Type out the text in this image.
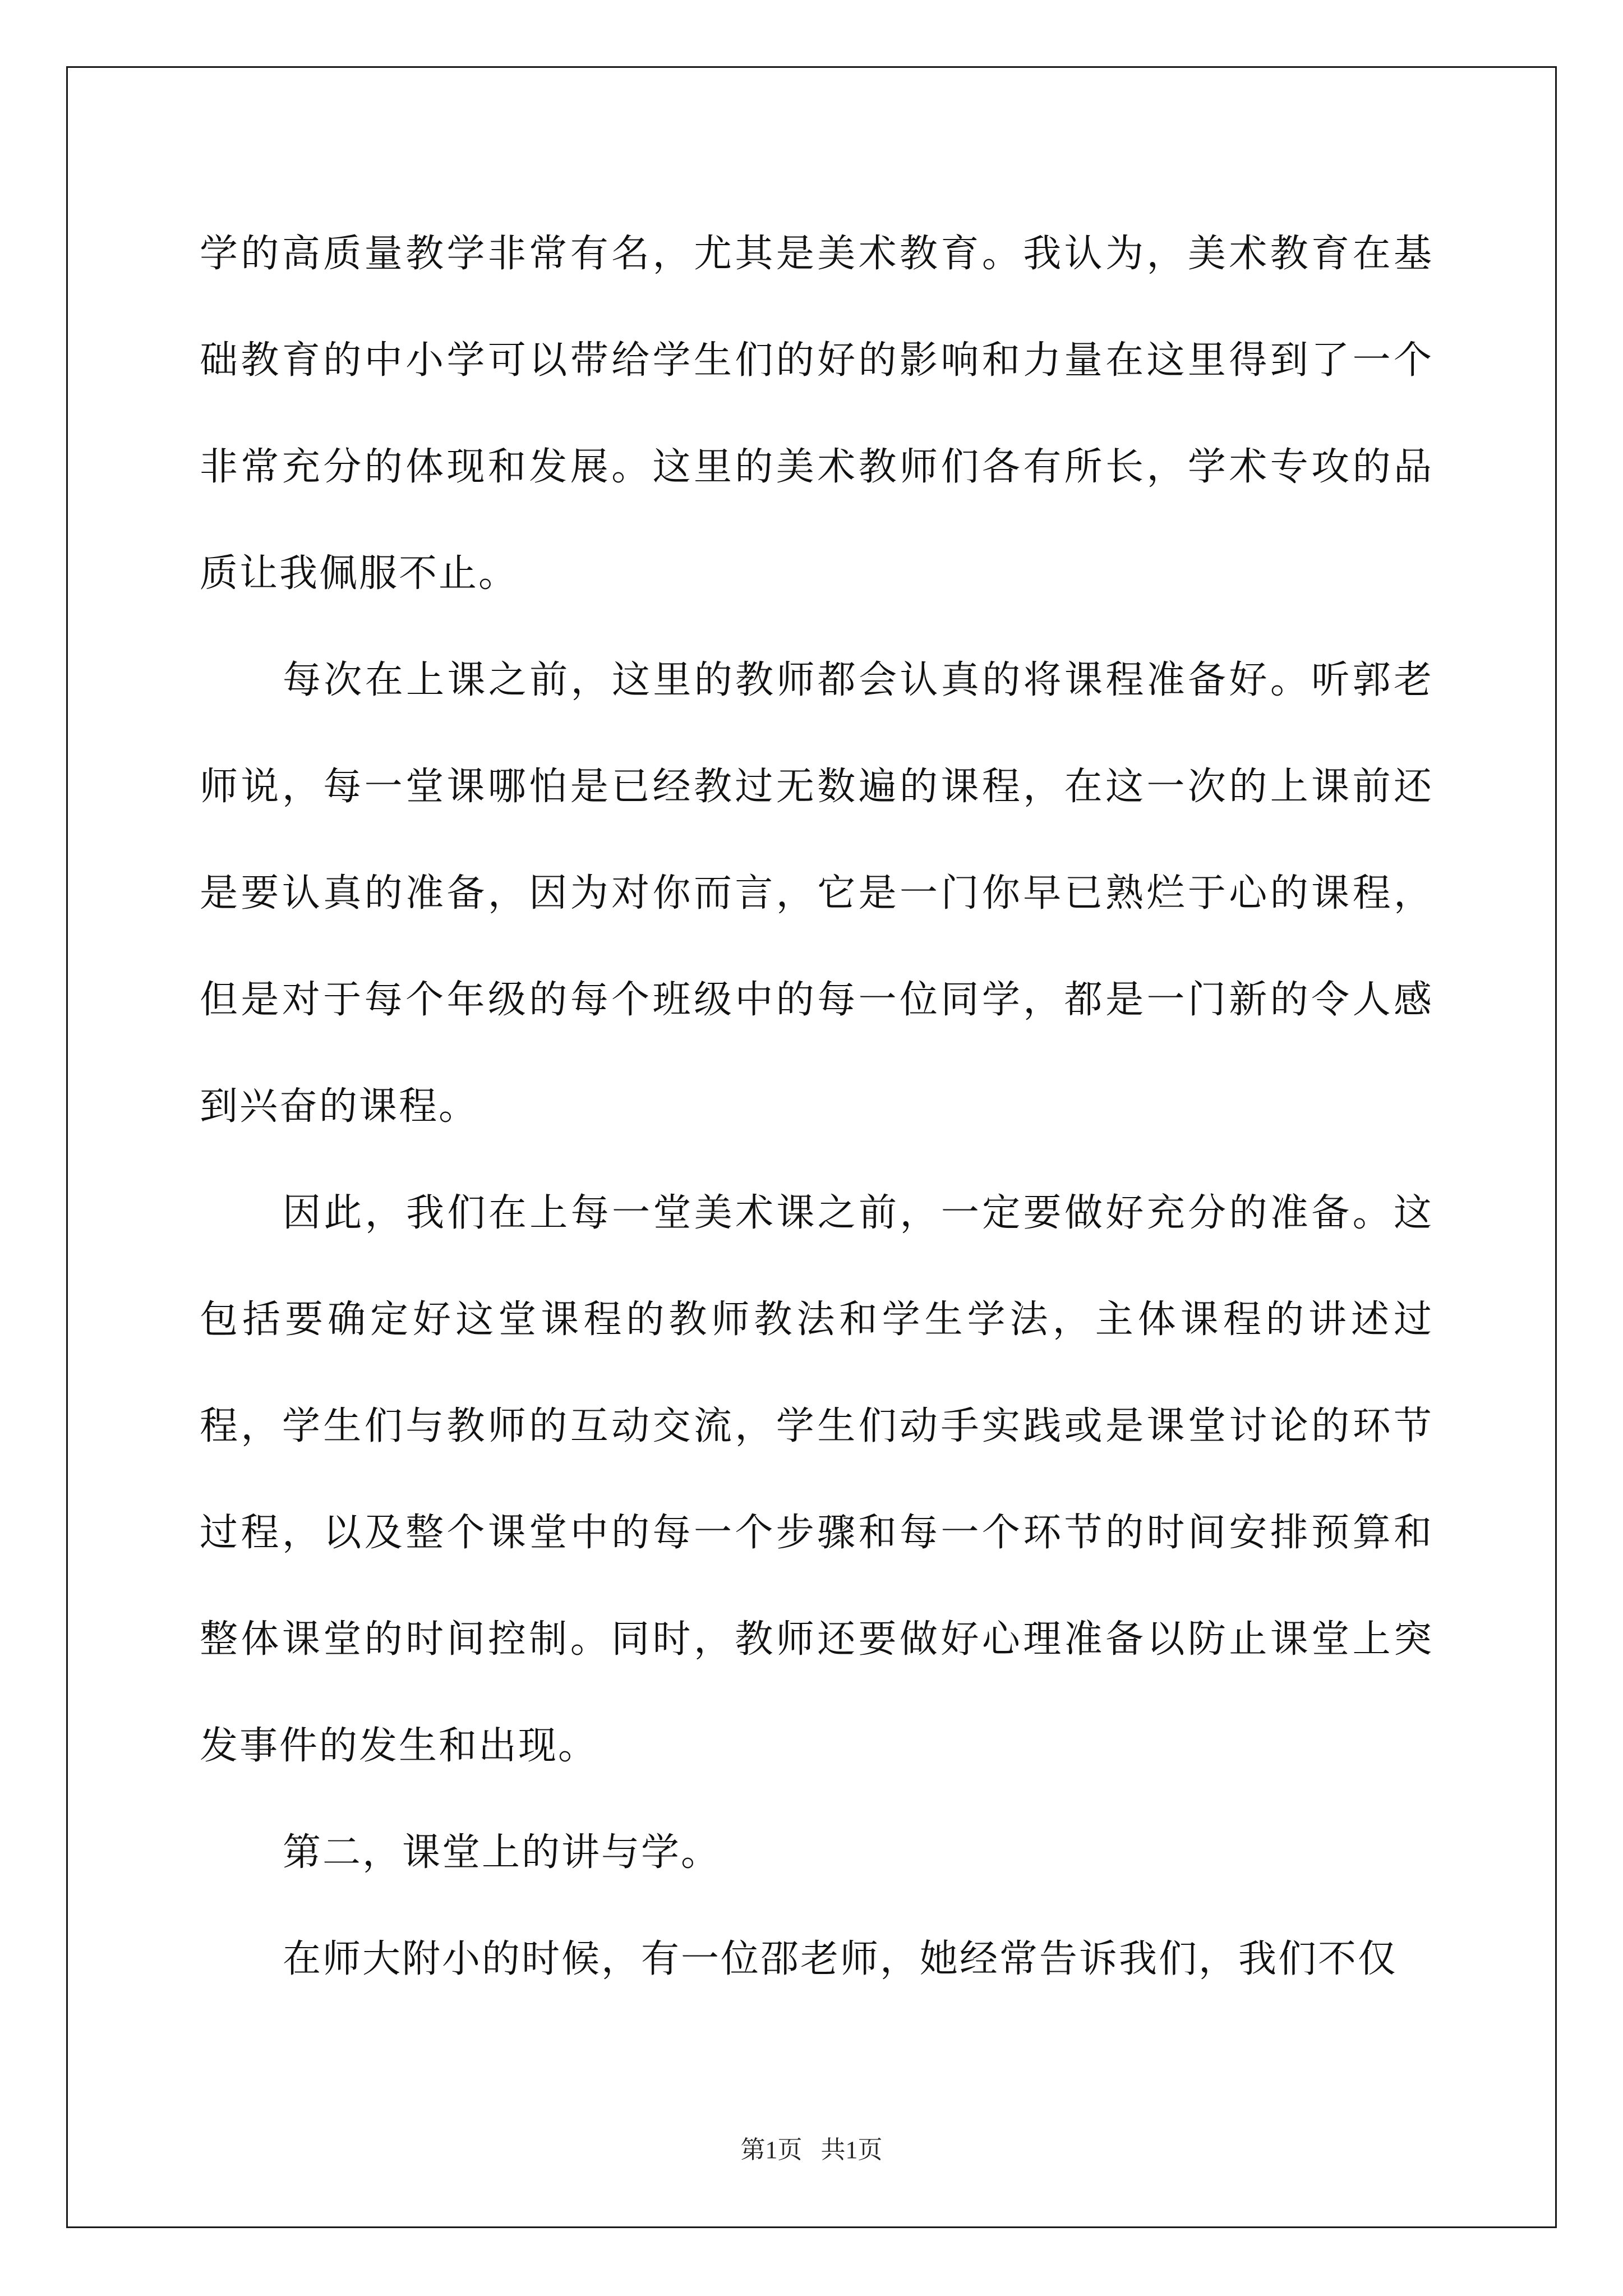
学的高质量教学非常有名，尤其是美术教育。我认为，美术教育在基础教育的中小学可以带给学生们的好的影响和力量在这里得到了一个非常充分的体现和发展。这里的美术教师们各有所长，学术专攻的品质让我佩服不止。

每次在上课之前，这里的教师都会认真的将课程准备好。听郭老师说，每一堂课哪怕是已经教过无数遍的课程，在这一次的上课前还是要认真的准备，因为对你而言，它是一门你早已熟烂于心的课程，但是对于每个年级的每个班级中的每一位同学，都是一门新的令人感到兴奋的课程。

因此，我们在上每一堂美术课之前，一定要做好充分的准备。这包括要确定好这堂课程的教师教法和学生学法，主体课程的讲述过程，学生们与教师的互动交流，学生们动手实践或是课堂讨论的环节过程，以及整个课堂中的每一个步骤和每一个环节的时间安排预算和整体课堂的时间控制。同时，教师还要做好心理准备以防止课堂上突发事件的发生和出现。

第二，课堂上的讲与学。

在师大附小的时候，有一位邵老师，她经常告诉我们，我们不仅

第1页   共1页
